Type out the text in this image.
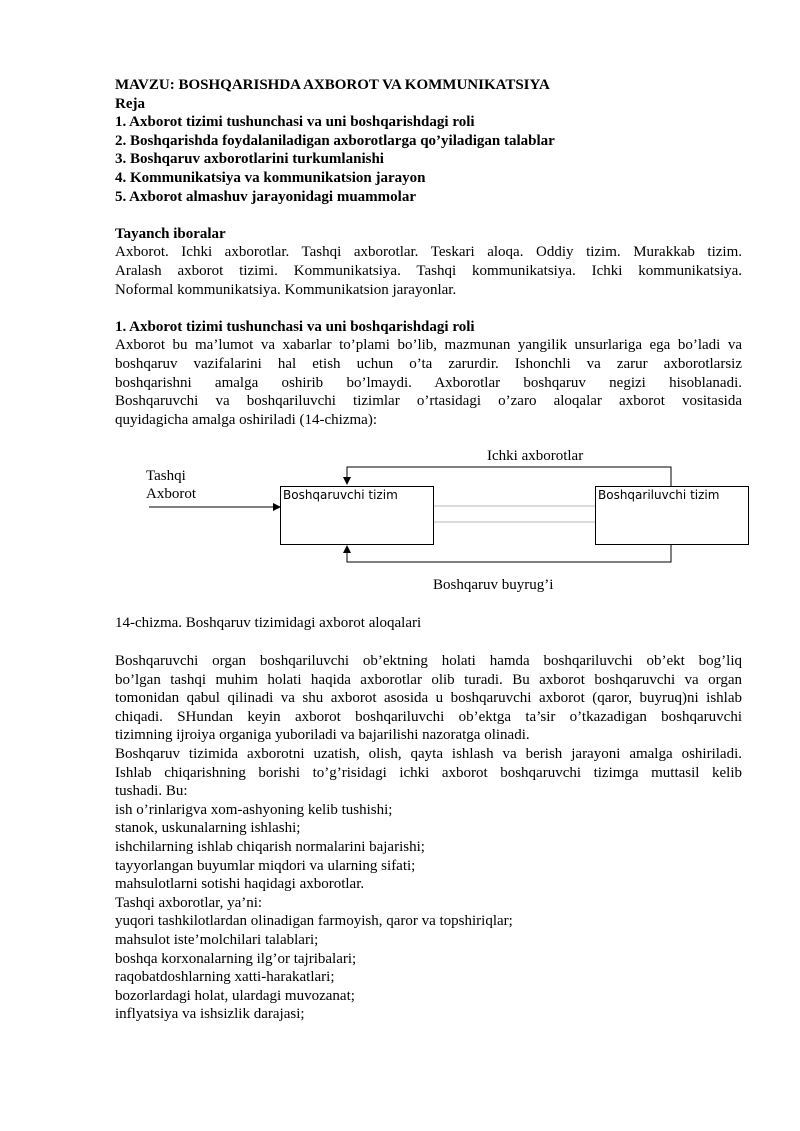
MAVZU: BOSHQARISHDA AXBOROT VA KOMMUNIKATSIYA
Reja
1. Axborot tizimi tushunchasi va uni boshqarishdagi roli
2. Boshqarishda foydalaniladigan axborotlarga qo’yiladigan talablar
3. Boshqaruv axborotlarini turkumlanishi
4. Kommunikatsiya va kommunikatsion jarayon
5. Axborot almashuv jarayonidagi muammolar
Tayanch iboralar
Axborot. Ichki axborotlar. Tashqi axborotlar. Teskari aloqa. Oddiy tizim. Murakkab tizim.
Aralash axborot tizimi. Kommunikatsiya. Tashqi kommunikatsiya. Ichki kommunikatsiya.
Noformal kommunikatsiya. Kommunikatsion jarayonlar.
1. Axborot tizimi tushunchasi va uni boshqarishdagi roli
Axborot bu ma’lumot va xabarlar to’plami bo’lib, mazmunan yangilik unsurlariga ega bo’ladi va
boshqaruv vazifalarini hal etish uchun o’ta zarurdir. Ishonchli va zarur axborotlarsiz
boshqarishni amalga oshirib bo’lmaydi. Axborotlar boshqaruv negizi hisoblanadi.
Boshqaruvchi va boshqariluvchi tizimlar o’rtasidagi o’zaro aloqalar axborot vositasida
quyidagicha amalga oshiriladi (14-chizma):
Ichki axborotlar
Tashqi
Axborot	Boshqaruvchi tizim	Boshqariluvchi tizim
Boshqaruv buyrug’i
14-chizma. Boshqaruv tizimidagi axborot aloqalari
Boshqaruvchi organ boshqariluvchi ob’ektning holati hamda boshqariluvchi ob’ekt bog’liq
bo’lgan tashqi muhim holati haqida axborotlar olib turadi. Bu axborot boshqaruvchi va organ
tomonidan qabul qilinadi va shu axborot asosida u boshqaruvchi axborot (qaror, buyruq)ni ishlab
chiqadi. SHundan keyin axborot boshqariluvchi ob’ektga ta’sir o’tkazadigan boshqaruvchi
tizimning ijroiya organiga yuboriladi va bajarilishi nazoratga olinadi.
Boshqaruv tizimida axborotni uzatish, olish, qayta ishlash va berish jarayoni amalga oshiriladi.
Ishlab chiqarishning borishi to’g’risidagi ichki axborot boshqaruvchi tizimga muttasil kelib
tushadi. Bu:
ish o’rinlarigva xom-ashyoning kelib tushishi;
stanok, uskunalarning ishlashi;
ishchilarning ishlab chiqarish normalarini bajarishi;
tayyorlangan buyumlar miqdori va ularning sifati;
mahsulotlarni sotishi haqidagi axborotlar.
Tashqi axborotlar, ya’ni:
yuqori tashkilotlardan olinadigan farmoyish, qaror va topshiriqlar;
mahsulot iste’molchilari talablari;
boshqa korxonalarning ilg’or tajribalari;
raqobatdoshlarning xatti-harakatlari;
bozorlardagi holat, ulardagi muvozanat;
inflyatsiya va ishsizlik darajasi;
